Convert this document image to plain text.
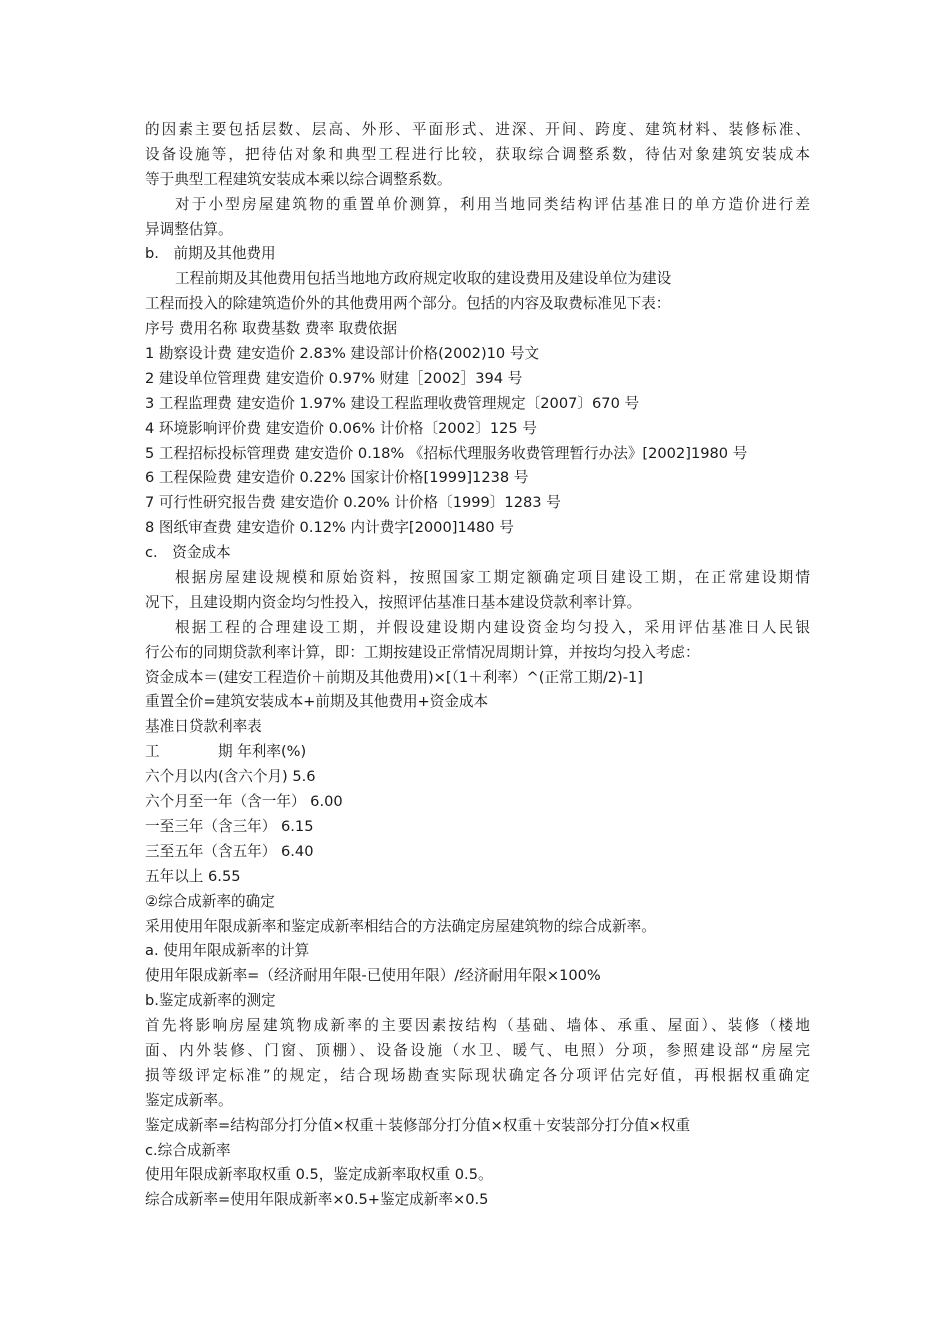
的因素主要包括层数、层高、外形、平面形式、进深、开间、跨度、建筑材料、装修标准、
设备设施等，把待估对象和典型工程进行比较，获取综合调整系数，待估对象建筑安装成本
等于典型工程建筑安装成本乘以综合调整系数。
对于小型房屋建筑物的重置单价测算，利用当地同类结构评估基准日的单方造价进行差
异调整估算。
b.　前期及其他费用
工程前期及其他费用包括当地地方政府规定收取的建设费用及建设单位为建设
工程而投入的除建筑造价外的其他费用两个部分。包括的内容及取费标准见下表：
序号 费用名称 取费基数 费率 取费依据
1 勘察设计费 建安造价 2.83% 建设部计价格(2002)10 号文
2 建设单位管理费 建安造价 0.97% 财建［2002］394 号
3 工程监理费 建安造价 1.97% 建设工程监理收费管理规定〔2007〕670 号
4 环境影响评价费 建安造价 0.06% 计价格〔2002〕125 号
5 工程招标投标管理费 建安造价 0.18% 《招标代理服务收费管理暂行办法》[2002]1980 号
6 工程保险费 建安造价 0.22% 国家计价格[1999]1238 号
7 可行性研究报告费 建安造价 0.20% 计价格〔1999〕1283 号
8 图纸审查费 建安造价 0.12% 内计费字[2000]1480 号
c.　资金成本
根据房屋建设规模和原始资料，按照国家工期定额确定项目建设工期，在正常建设期情
况下，且建设期内资金均匀性投入，按照评估基准日基本建设贷款利率计算。
根据工程的合理建设工期，并假设建设期内建设资金均匀投入，采用评估基准日人民银
行公布的同期贷款利率计算，即：工期按建设正常情况周期计算，并按均匀投入考虑：
资金成本＝(建安工程造价＋前期及其他费用)×[（1＋利率）^(正常工期/2)-1]
重置全价=建筑安装成本+前期及其他费用+资金成本
基准日贷款利率表
工　　　　期 年利率(%)
六个月以内(含六个月) 5.6
六个月至一年（含一年） 6.00
一至三年（含三年） 6.15
三至五年（含五年） 6.40
五年以上 6.55
②综合成新率的确定
采用使用年限成新率和鉴定成新率相结合的方法确定房屋建筑物的综合成新率。
a. 使用年限成新率的计算
使用年限成新率=（经济耐用年限-已使用年限）/经济耐用年限×100%
b.鉴定成新率的测定
首先将影响房屋建筑物成新率的主要因素按结构（基础、墙体、承重、屋面）、装修（楼地
面、内外装修、门窗、顶棚）、设备设施（水卫、暖气、电照）分项，参照建设部“房屋完
损等级评定标准”的规定，结合现场勘查实际现状确定各分项评估完好值，再根据权重确定
鉴定成新率。
鉴定成新率=结构部分打分值×权重＋装修部分打分值×权重＋安装部分打分值×权重
c.综合成新率
使用年限成新率取权重 0.5，鉴定成新率取权重 0.5。
综合成新率=使用年限成新率×0.5+鉴定成新率×0.5
